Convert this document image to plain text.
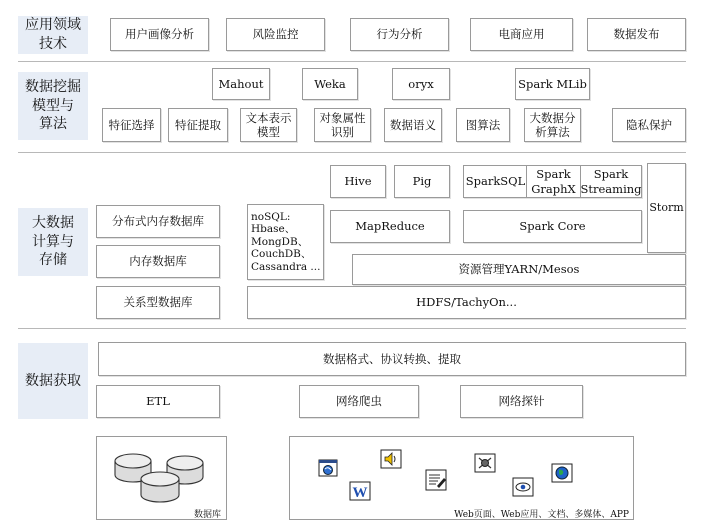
应用领域
技术
用户画像分析	风险监控	行为分析	电商应用	数据发布
数据挖掘
模型与
算法
Mahout	Weka	oryx	Spark MLib
特征选择	特征提取
文本表示
模型
对象属性
识别
数据语义	图算法
大数据分
析算法
隐私保护
大数据
计算与
存储
Hive	Pig	SparkSQL
Spark
GraphX
Spark
Streaming
Storm
分布式内存数据库
内存数据库
关系型数据库
noSQL:
Hbase、
MongDB、
CouchDB、
Cassandra ...
MapReduce	Spark Core
资源管理YARN/Mesos
HDFS/TachyOn...
数据获取
数据格式、协议转换、提取
ETL	网络爬虫	网络探针
数据库
W
Web页面、Web应用、文档、多媒体、APP
